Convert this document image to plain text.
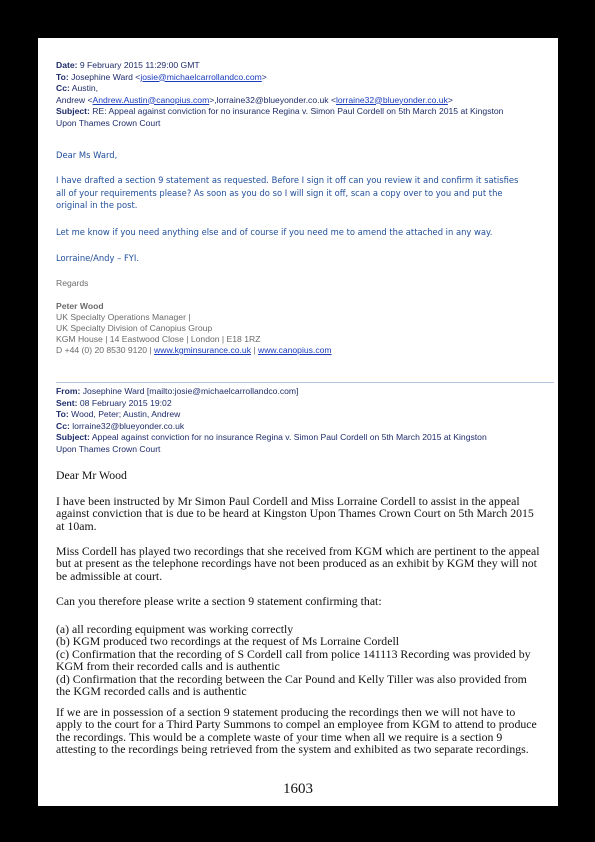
Date: 9 February 2015 11:29:00 GMT
To: Josephine Ward <josie@michaelcarrollandco.com>
Cc: Austin,
Andrew <Andrew.Austin@canopius.com>,lorraine32@blueyonder.co.uk <lorraine32@blueyonder.co.uk>
Subject: RE: Appeal against conviction for no insurance Regina v. Simon Paul Cordell on 5th March 2015 at Kingston
Upon Thames Crown Court
Dear Ms Ward,
I have drafted a section 9 statement as requested. Before I sign it off can you review it and confirm it satisfies
all of your requirements please? As soon as you do so I will sign it off, scan a copy over to you and put the
original in the post.
Let me know if you need anything else and of course if you need me to amend the attached in any way.
Lorraine/Andy – FYI.
Regards
Peter Wood
UK Specialty Operations Manager |
UK Specialty Division of Canopius Group
KGM House | 14 Eastwood Close | London | E18 1RZ
D +44 (0) 20 8530 9120 | www.kgminsurance.co.uk | www.canopius.com
From: Josephine Ward [mailto:josie@michaelcarrollandco.com]
Sent: 08 February 2015 19:02
To: Wood, Peter; Austin, Andrew
Cc: lorraine32@blueyonder.co.uk
Subject: Appeal against conviction for no insurance Regina v. Simon Paul Cordell on 5th March 2015 at Kingston
Upon Thames Crown Court
Dear Mr Wood
I have been instructed by Mr Simon Paul Cordell and Miss Lorraine Cordell to assist in the appeal
against conviction that is due to be heard at Kingston Upon Thames Crown Court on 5th March 2015
at 10am.
Miss Cordell has played two recordings that she received from KGM which are pertinent to the appeal
but at present as the telephone recordings have not been produced as an exhibit by KGM they will not
be admissible at court.
Can you therefore please write a section 9 statement confirming that:
(a) all recording equipment was working correctly
(b) KGM produced two recordings at the request of Ms Lorraine Cordell
(c) Confirmation that the recording of S Cordell call from police 141113 Recording was provided by
KGM from their recorded calls and is authentic
(d) Confirmation that the recording between the Car Pound and Kelly Tiller was also provided from
the KGM recorded calls and is authentic
If we are in possession of a section 9 statement producing the recordings then we will not have to
apply to the court for a Third Party Summons to compel an employee from KGM to attend to produce
the recordings. This would be a complete waste of your time when all we require is a section 9
attesting to the recordings being retrieved from the system and exhibited as two separate recordings.
1603
